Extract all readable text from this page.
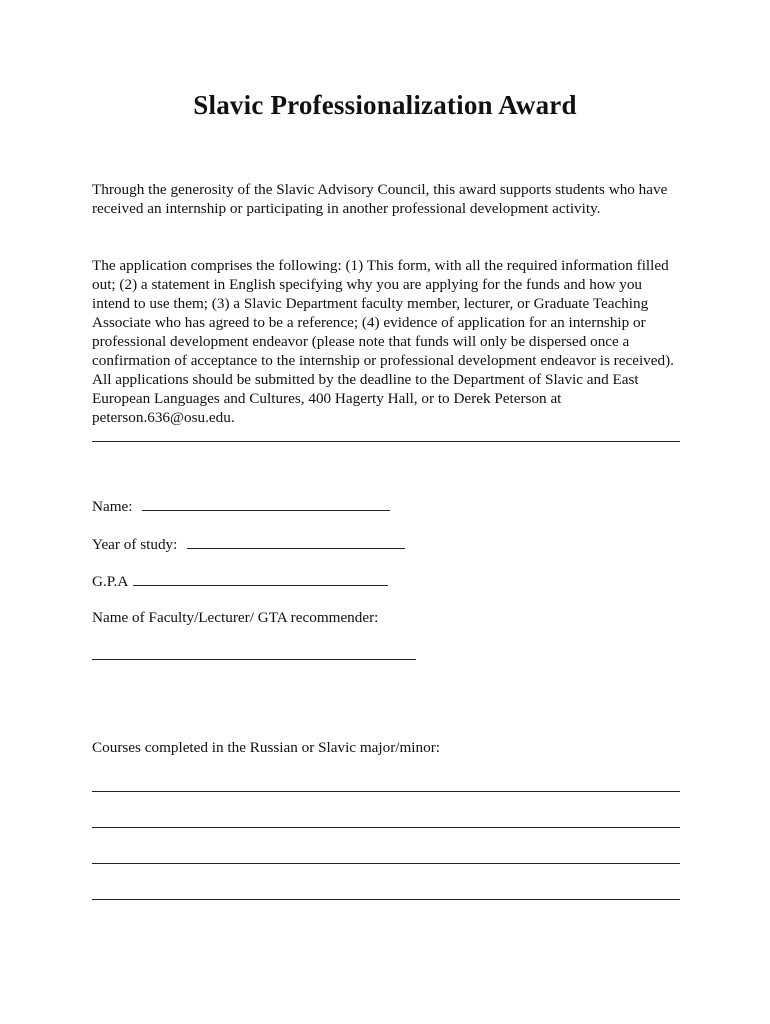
Slavic Professionalization Award

Through the generosity of the Slavic Advisory Council, this award supports students who have received an internship or participating in another professional development activity.

The application comprises the following: (1) This form, with all the required information filled out; (2) a statement in English specifying why you are applying for the funds and how you intend to use them; (3) a Slavic Department faculty member, lecturer, or Graduate Teaching Associate who has agreed to be a reference; (4) evidence of application for an internship or professional development endeavor (please note that funds will only be dispersed once a confirmation of acceptance to the internship or professional development endeavor is received). All applications should be submitted by the deadline to the Department of Slavic and East European Languages and Cultures, 400 Hagerty Hall, or to Derek Peterson at peterson.636@osu.edu.

Name:
Year of study:
G.P.A
Name of Faculty/Lecturer/ GTA recommender:
Courses completed in the Russian or Slavic major/minor:
